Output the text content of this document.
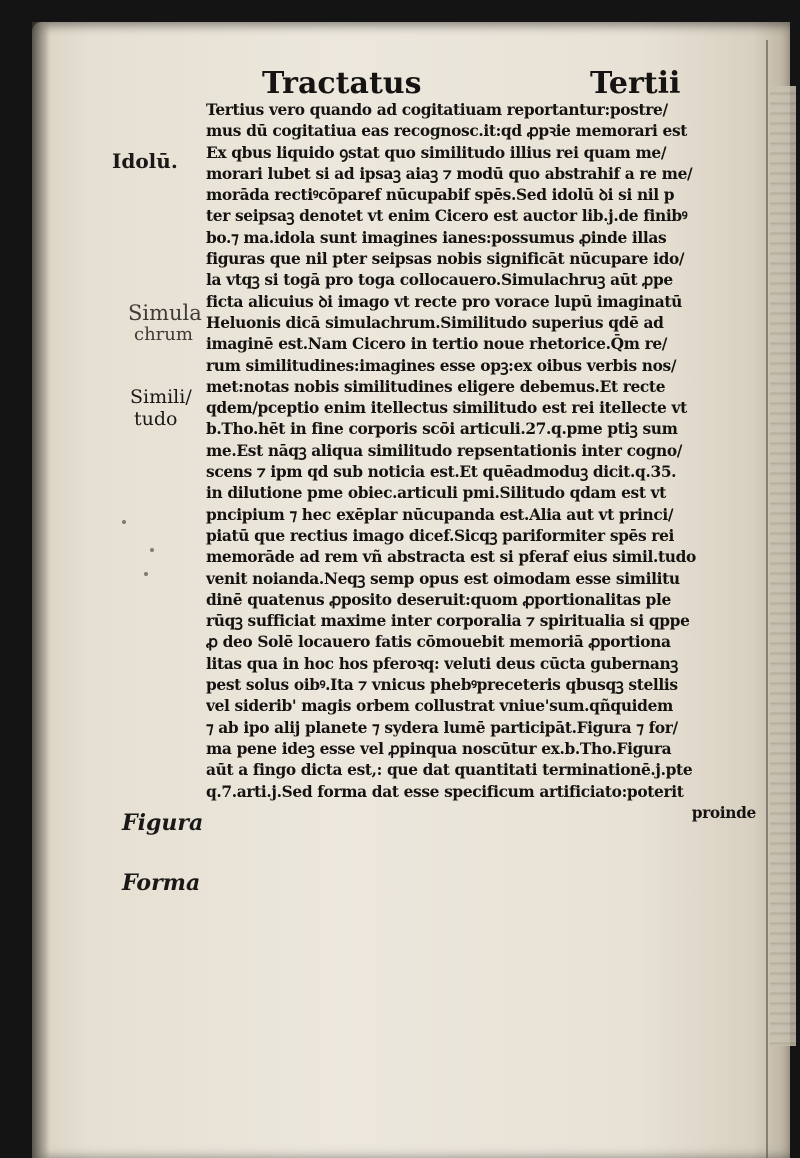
Tractatus	Tertii
Idolū.
Simula
chrum
Simili/
tudo
Figura
Forma
Tertius vero quando ad cogitatiuam reportantur:postre/
mus dū cogitatiua eas recognosc.it:qd ꝓpꝛie memorari est
Ex qbus liquido ꝯstat quo similitudo illius rei quam me/
morari lubet si ad ipsaꝫ aiaꝫ ⁊ modū quo abstrahif a re me/
morāda rectiꝰcōparef nūcupabif spēs.Sed idolū ꝺi si nil p
ter seipsaꝫ denotet vt enim Cicero est auctor lib.j.de finibꝰ
bo.⁊ ma.idola sunt imagines ianes:possumus ꝓinde illas
figuras que nil pter seipsas nobis significāt nūcupare ido/
la vtqꝫ si togā pro toga collocauero.Simulachruꝫ aūt ꝓpe
ficta alicuius ꝺi imago vt recte pro vorace lupū imaginatū
Heluonis dicā simulachrum.Similitudo superius qdē ad
imaginē est.Nam Cicero in tertio noue rhetorice.Q̄m re/
rum similitudines:imagines esse opꝫ:ex oibus verbis nos/
met:notas nobis similitudines eligere debemus.Et recte
qdem/pceptio enim itellectus similitudo est rei itellecte vt
b.Tho.hēt in fine corporis scōi articuli.27.q.pme ptiꝫ sum
me.Est nāqꝫ aliqua similitudo repsentationis inter cogno/
scens ⁊ ipm qd sub noticia est.Et quēadmoduꝫ dicit.q.35.
in dilutione pme obiec.articuli pmi.Silitudo qdam est vt
pncipium ⁊ hec exēplar nūcupanda est.Alia aut vt princi/
piatū que rectius imago dicef.Sicqꝫ pariformiter spēs rei
memorāde ad rem vñ abstracta est si pferaf eius simil.tudo
venit noianda.Neqꝫ semp opus est oimodam esse similitu
dinē quatenus ꝓposito deseruit:quom ꝓportionalitas ple
rūqꝫ sufficiat maxime inter corporalia ⁊ spiritualia si qppe
ꝓ deo Solē locauero fatis cōmouebit memoriā ꝓportiona
litas qua in hoc hos pferoꝛq: veluti deus cūcta gubernanꝫ
pest solus oibꝰ.Ita ⁊ vnicus phebꝰpreceteris qbusqꝫ stellis
vel siderib' magis orbem collustrat vniue'sum.qñquidem
⁊ ab ipo alij planete ⁊ sydera lumē participāt.Figura ⁊ for/
ma pene ideꝫ esse vel ꝓpinqua noscūtur ex.b.Tho.Figura
aūt a fingo dicta est,: que dat quantitati terminationē.j.pte
q.7.arti.j.Sed forma dat esse specificum artificiato:poterit
proinde
